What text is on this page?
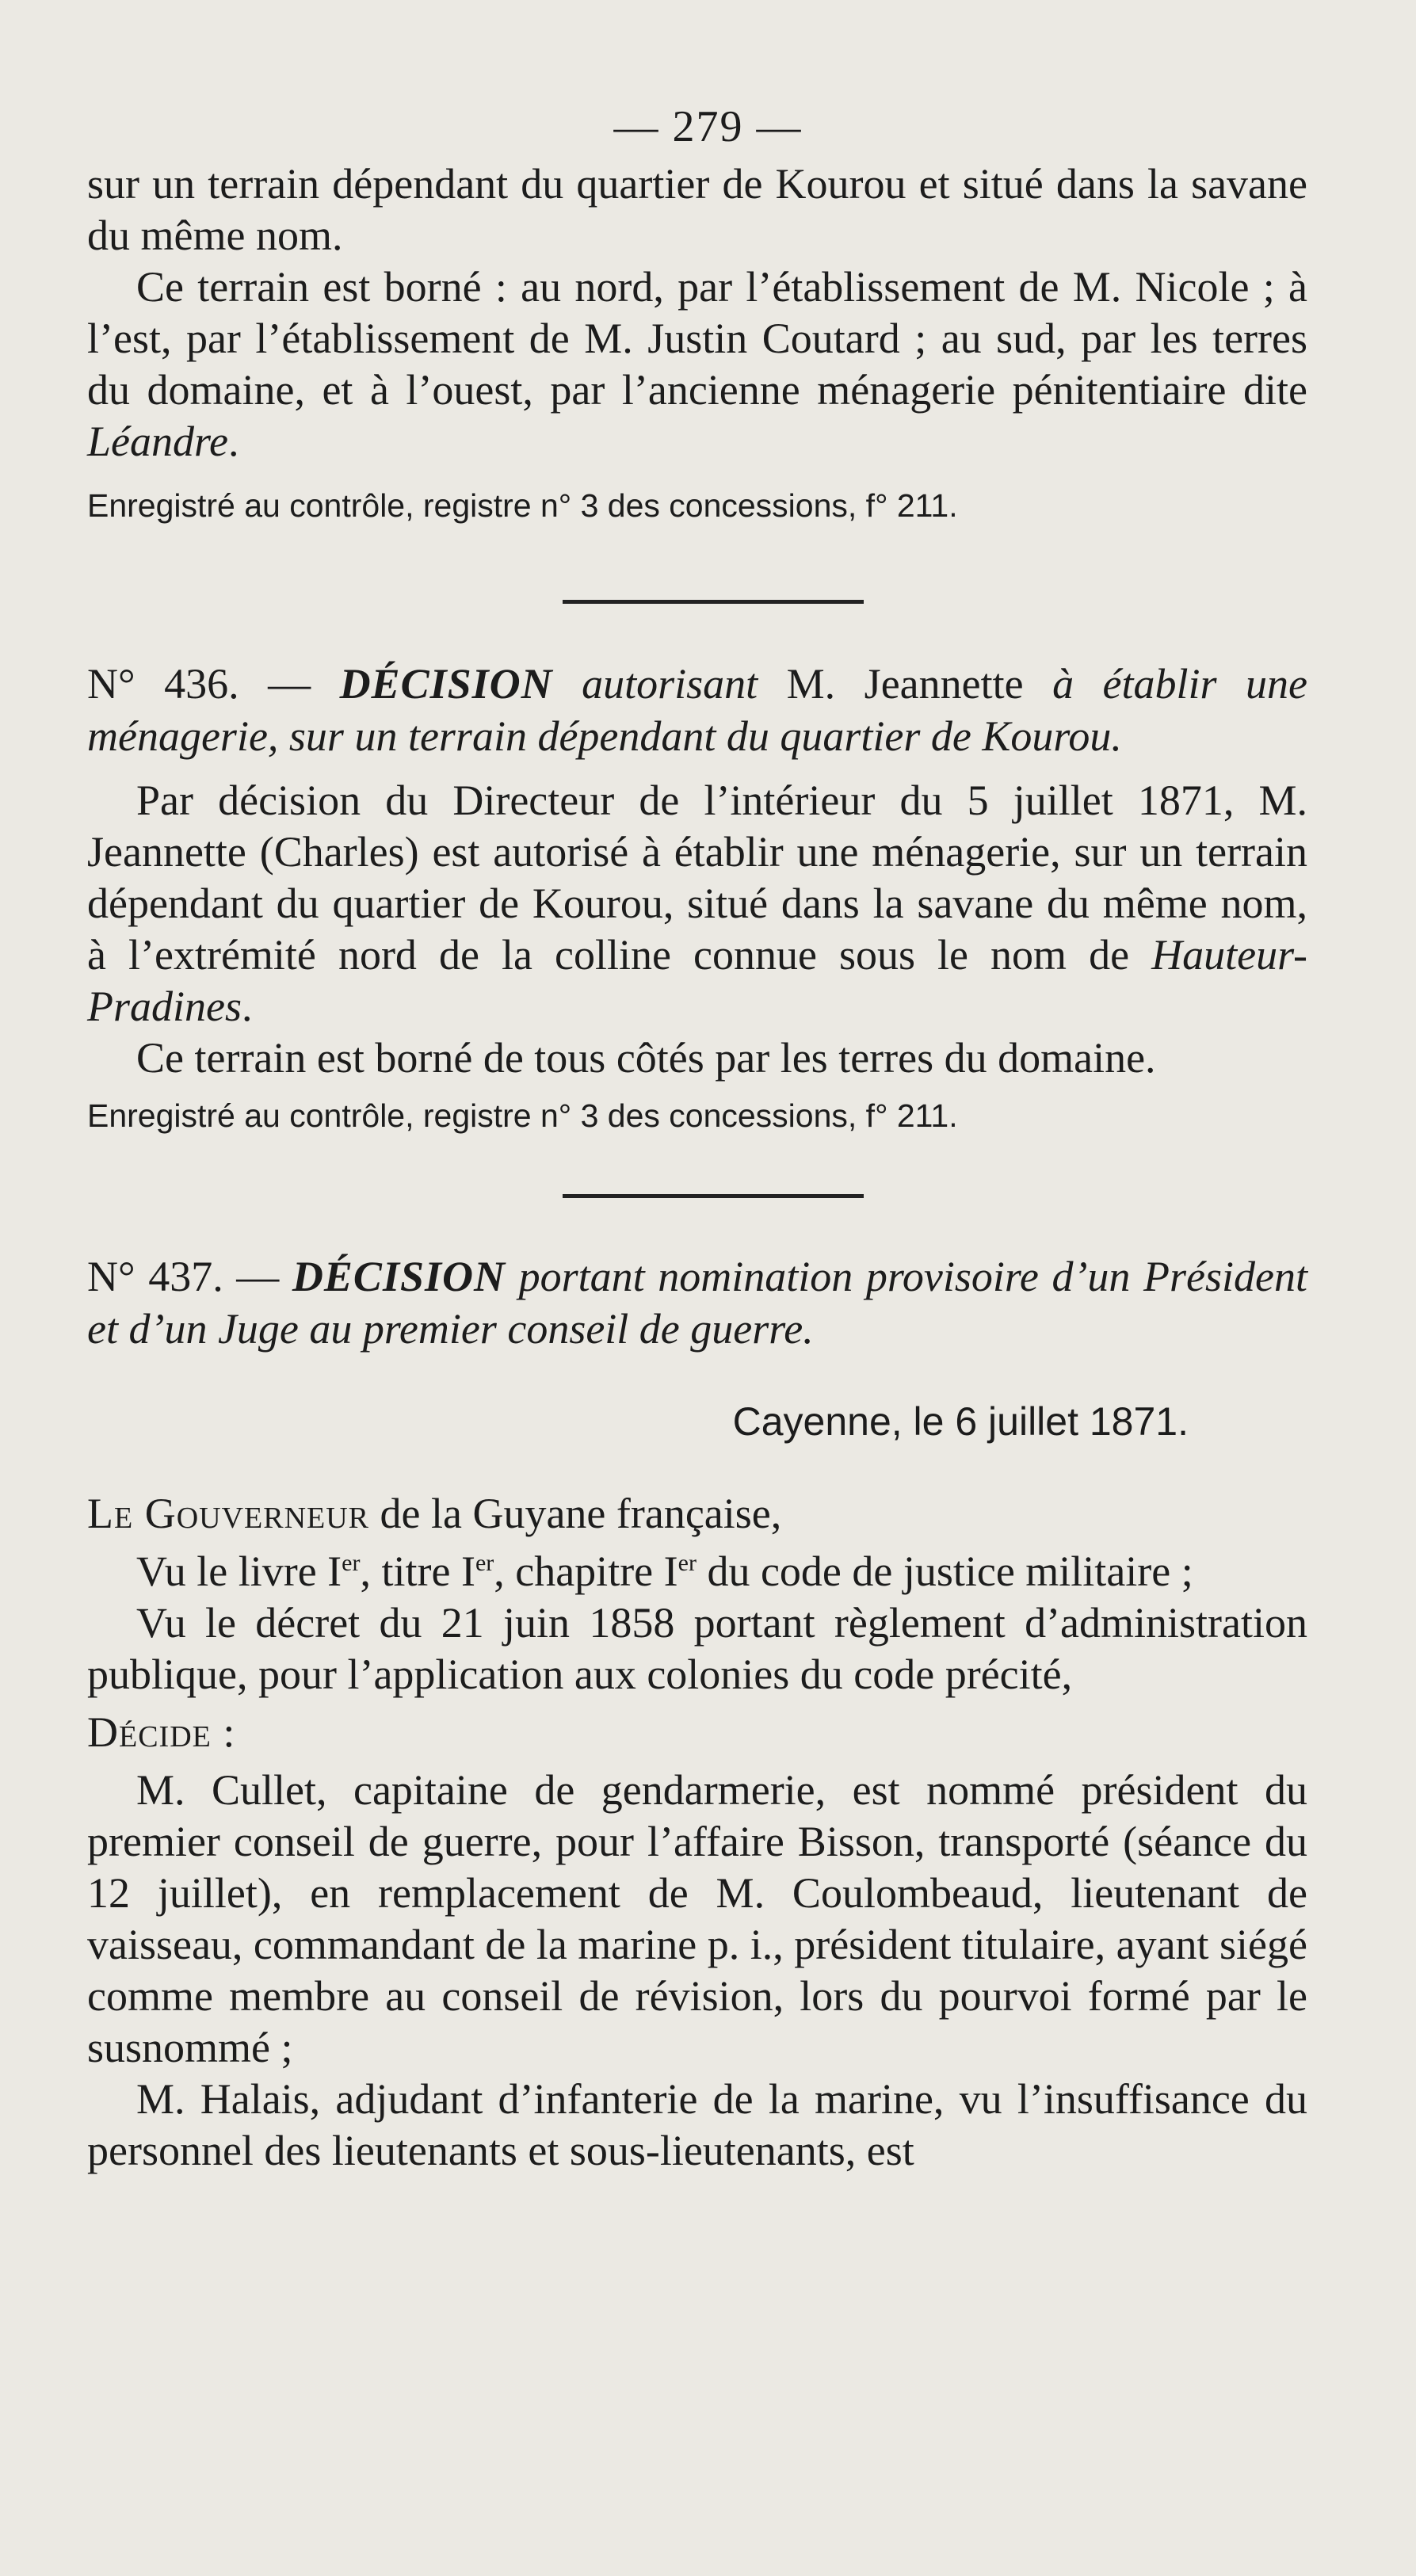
— 279 —

sur un terrain dépendant du quartier de Kourou et situé dans la savane du même nom.

Ce terrain est borné : au nord, par l’établissement de M. Nicole ; à l’est, par l’établissement de M. Justin Coutard ; au sud, par les terres du domaine, et à l’ouest, par l’ancienne ménagerie pénitentiaire dite Léandre.

Enregistré au contrôle, registre n° 3 des concessions, f° 211.

N° 436. — DÉCISION autorisant M. Jeannette à établir une ménagerie, sur un terrain dépendant du quartier de Kourou.

Par décision du Directeur de l’intérieur du 5 juillet 1871, M. Jeannette (Charles) est autorisé à établir une ménagerie, sur un terrain dépendant du quartier de Kourou, situé dans la savane du même nom, à l’extrémité nord de la colline connue sous le nom de Hauteur-Pradines.

Ce terrain est borné de tous côtés par les terres du domaine.

Enregistré au contrôle, registre n° 3 des concessions, f° 211.

N° 437. — DÉCISION portant nomination provisoire d’un Président et d’un Juge au premier conseil de guerre.

Cayenne, le 6 juillet 1871.

Le Gouverneur de la Guyane française,

Vu le livre Ier, titre Ier, chapitre Ier du code de justice militaire ;

Vu le décret du 21 juin 1858 portant règlement d’administration publique, pour l’application aux colonies du code précité,

Décide :

M. Cullet, capitaine de gendarmerie, est nommé président du premier conseil de guerre, pour l’affaire Bisson, transporté (séance du 12 juillet), en remplacement de M. Coulombeaud, lieutenant de vaisseau, commandant de la marine p. i., président titulaire, ayant siégé comme membre au conseil de révision, lors du pourvoi formé par le susnommé ;

M. Halais, adjudant d’infanterie de la marine, vu l’insuffisance du personnel des lieutenants et sous-lieutenants, est
